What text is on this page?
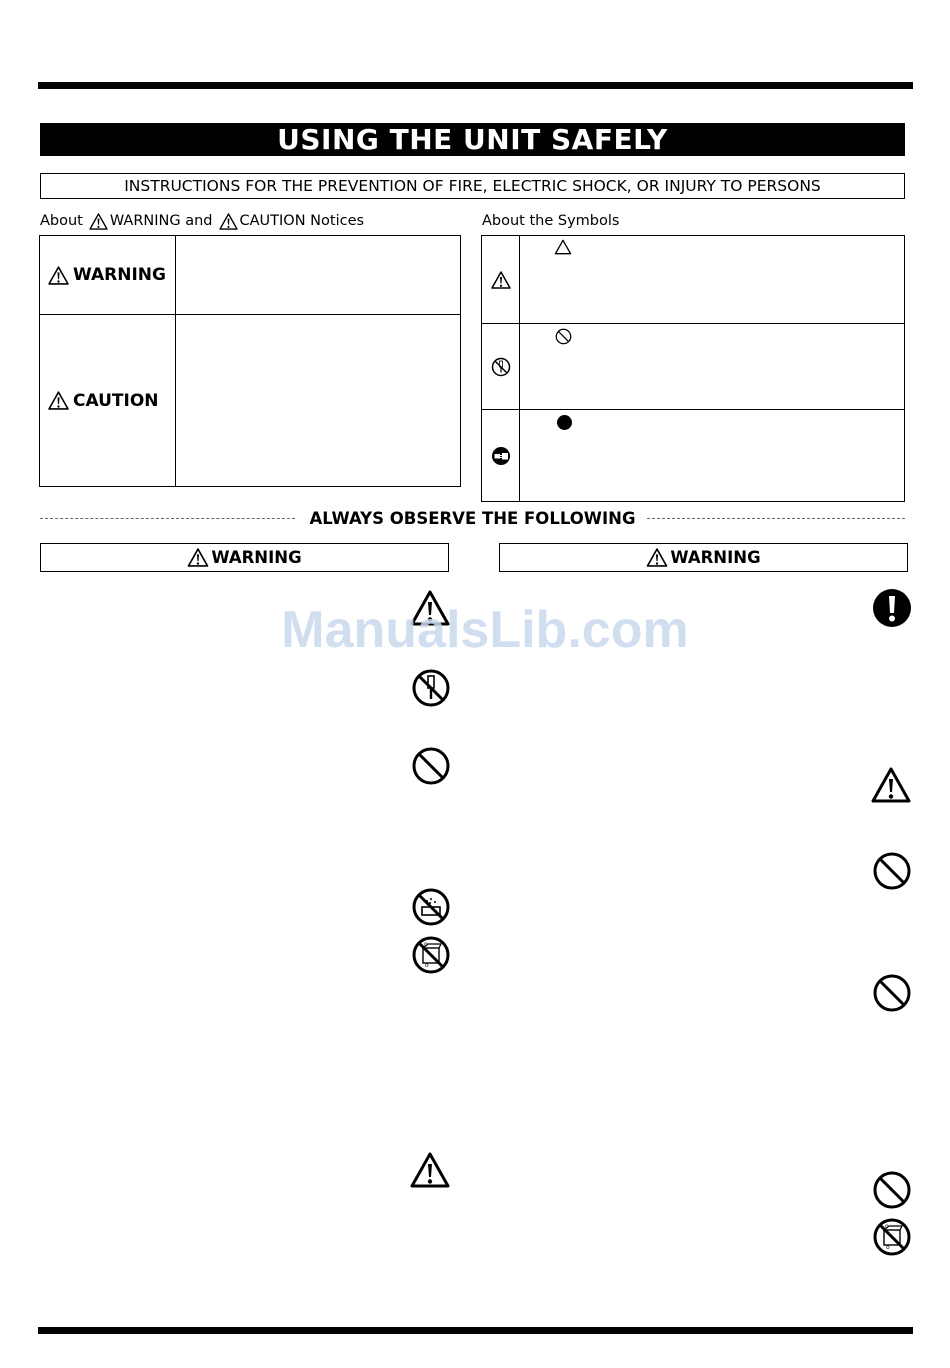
USING THE UNIT SAFELY
INSTRUCTIONS FOR THE PREVENTION OF FIRE, ELECTRIC SHOCK, OR INJURY TO PERSONS
About WARNING and CAUTION Notices	About the Symbols
WARNING
CAUTION
ALWAYS OBSERVE THE FOLLOWING
WARNING	WARNING
ManualsLib.com
